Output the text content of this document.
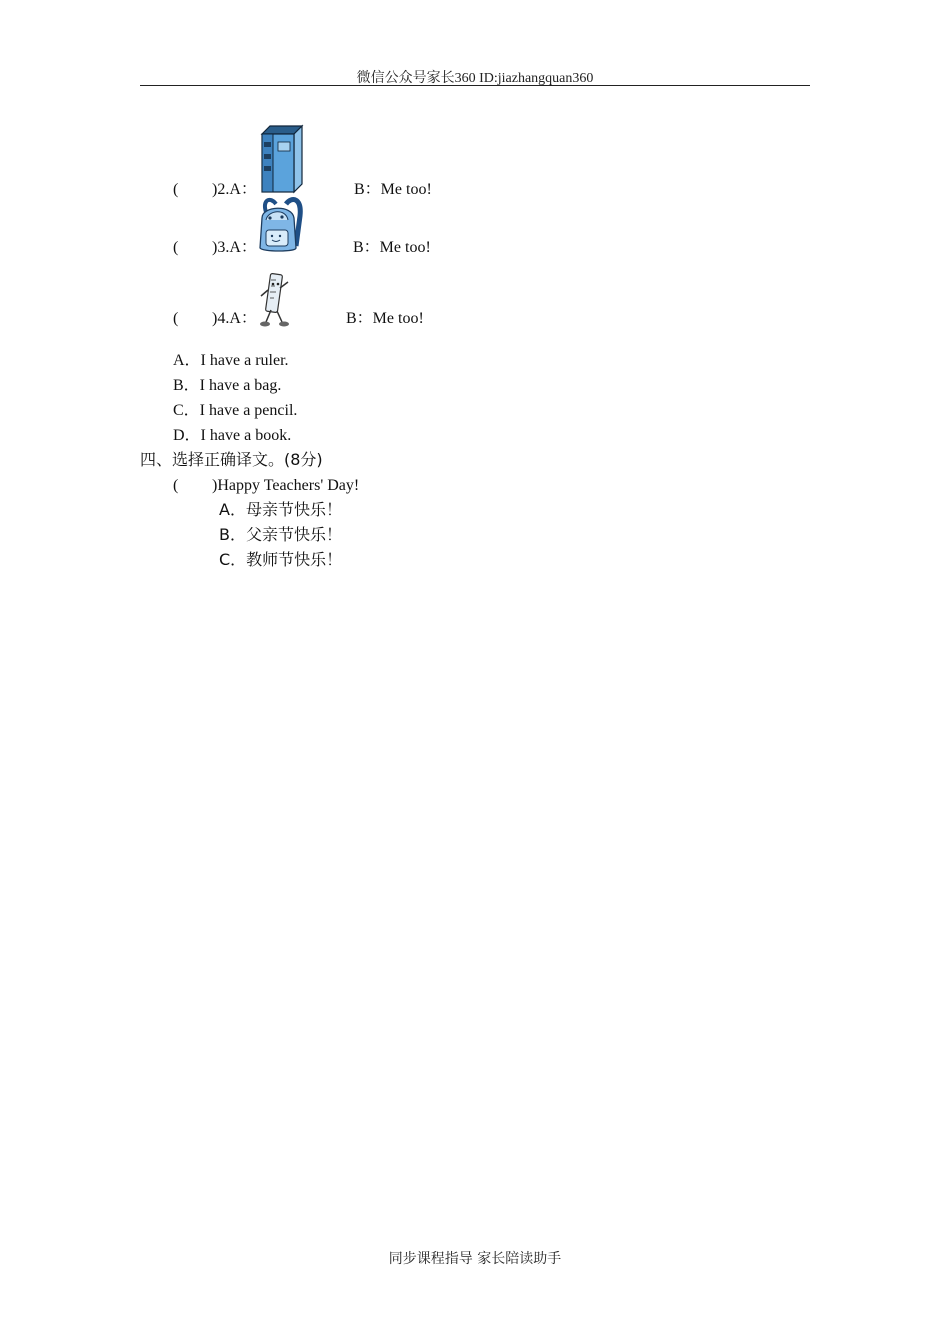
微信公众号家长360 ID:jiazhangquan360
( )2.A：	B：Me too!
( )3.A：	B：Me too!
( )4.A：	B：Me too!
A．I have a ruler.
B．I have a bag.
C．I have a pencil.
D．I have a book.
四、选择正确译文。(8分)
( )Happy Teachers' Day!
A．母亲节快乐！
B．父亲节快乐！
C．教师节快乐！
同步课程指导 家长陪读助手
